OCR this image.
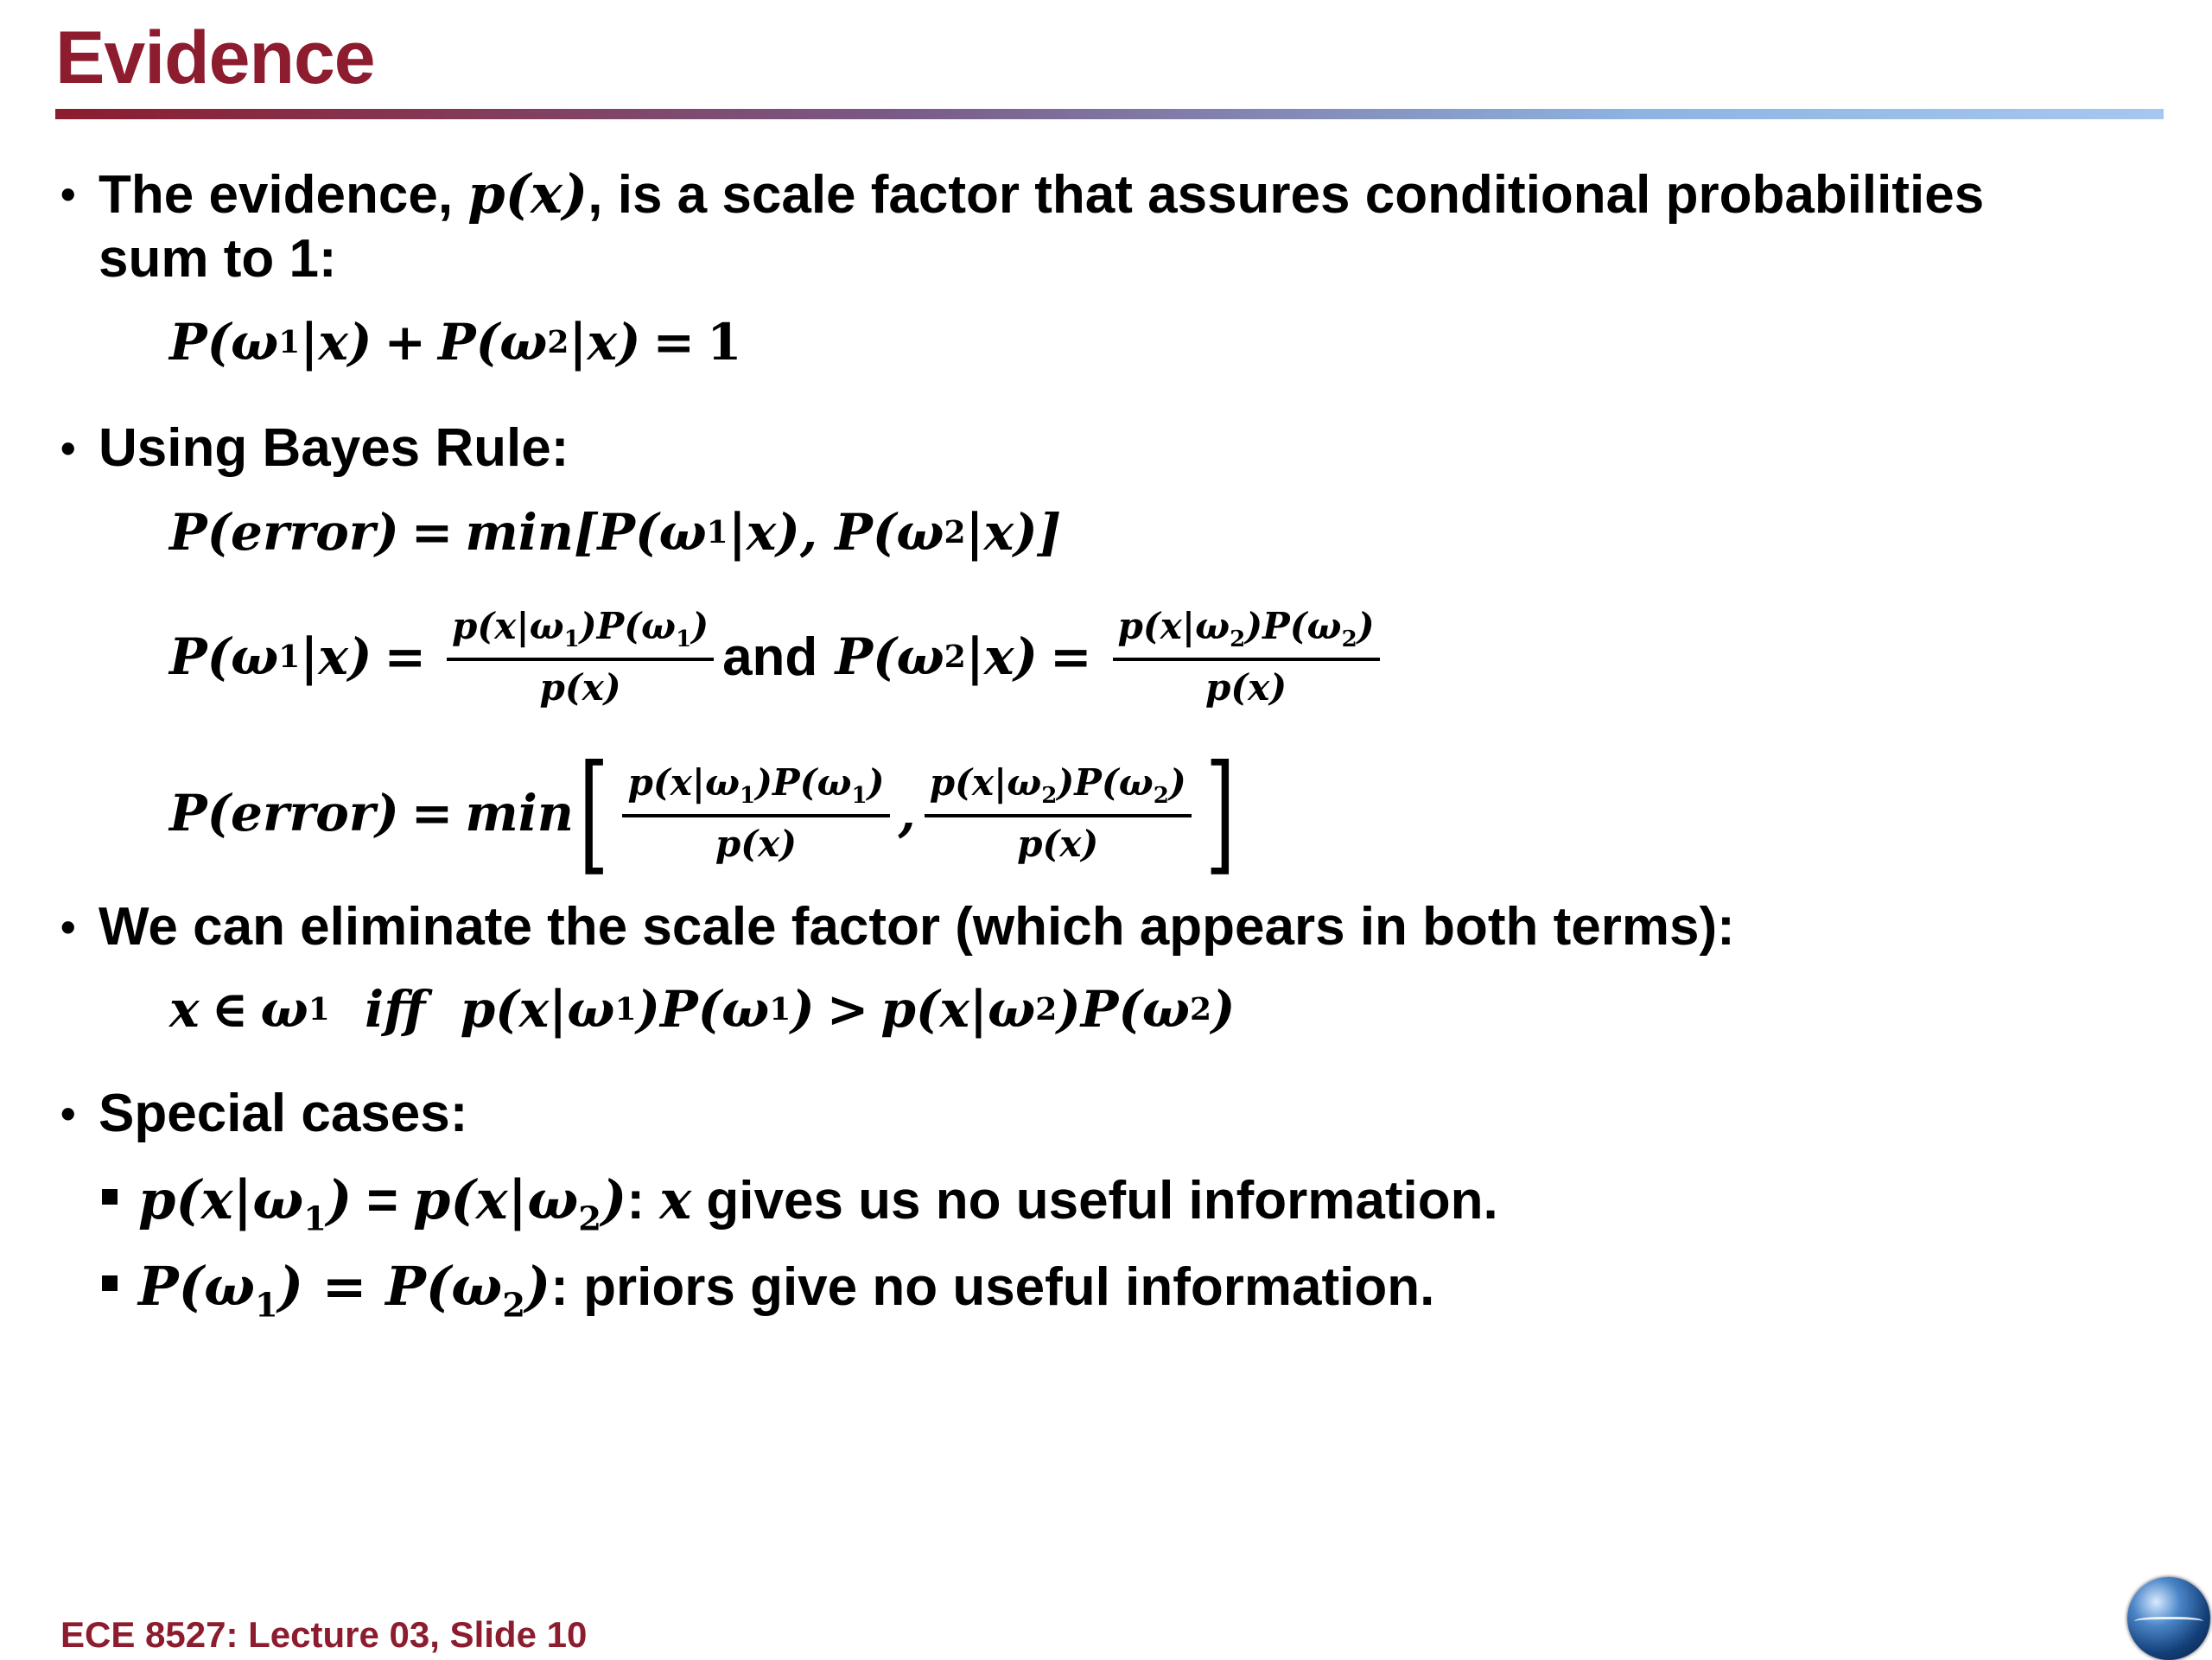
Evidence
• The evidence, p(x), is a scale factor that assures conditional probabilities
sum to 1:
P(ω 1 |x) + P(ω 2 |x) = 1
• Using Bayes Rule:
P(error) = min[P(ω 1 |x), P(ω 2 |x)]
P(ω 1 $|x) = \frac{p(x|\omega_1)P(\omega_1)}{p(x)}$ and P(ω 2 $|x) = \frac{p(x|\omega_2)P(\omega_2)}{p(x)}$
P(error) = min [ $\frac{p(x|\omega_1)P(\omega_1)}{p(x)}$ , $\frac{p(x|\omega_2)P(\omega_2)}{p(x)}$ ]
• We can eliminate the scale factor (which appears in both terms):
x ∈ ω 1 iff  p(x|ω 1 )P(ω 1 ) > p(x|ω 2 )P(ω 2 )
• Special cases:
$p(x|\omega_1) = p(x|\omega_2)$: x gives us no useful information.
$P(\omega_1) = P(\omega_2)$: priors give no useful information.
ECE 8527: Lecture 03, Slide 10
